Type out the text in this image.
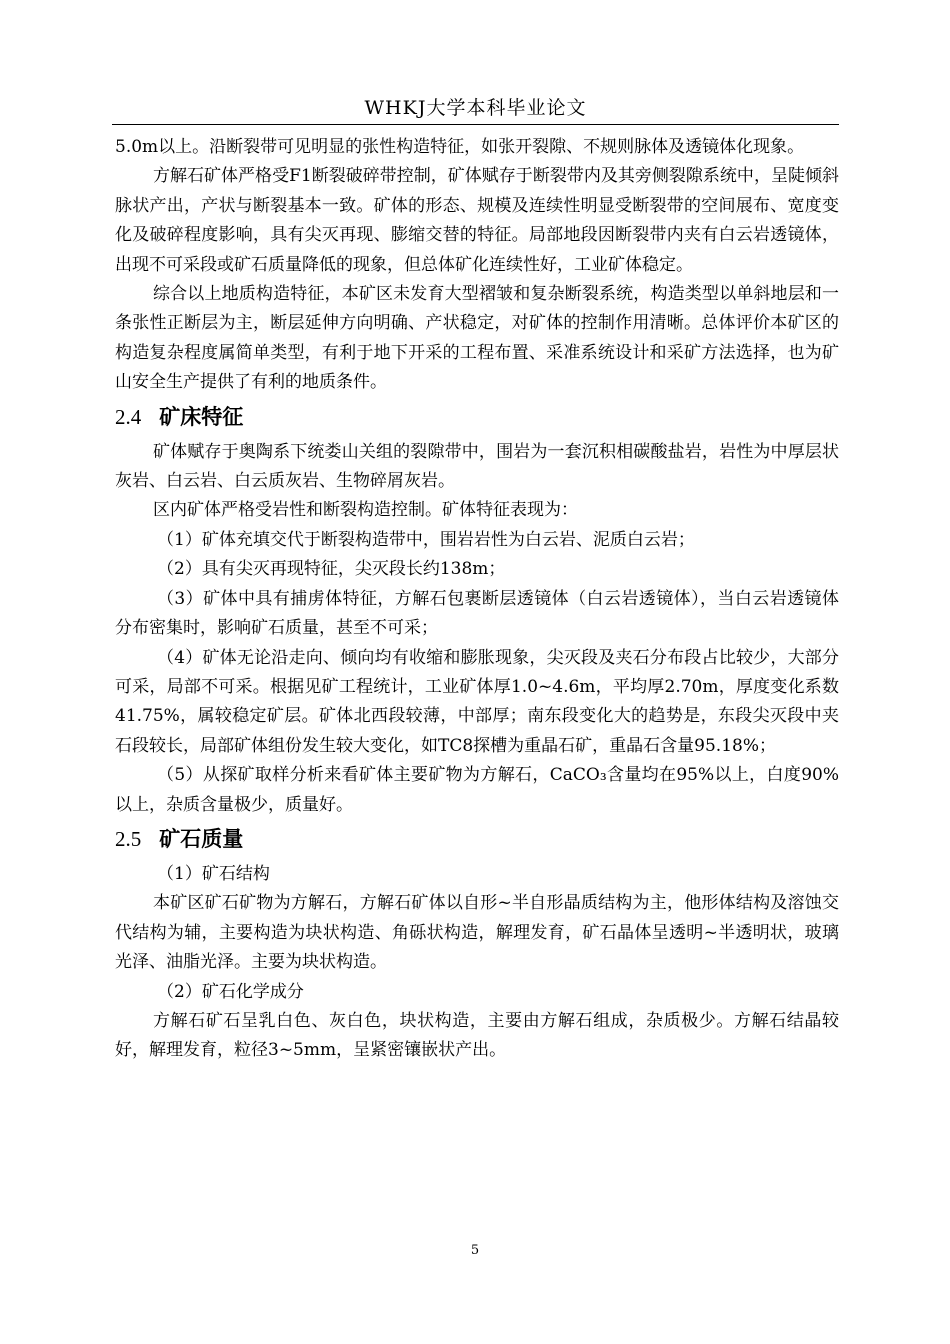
WHKJ大学本科毕业论文

5.0m以上。沿断裂带可见明显的张性构造特征，如张开裂隙、不规则脉体及透镜体化现象。

方解石矿体严格受F1断裂破碎带控制，矿体赋存于断裂带内及其旁侧裂隙系统中，呈陡倾斜脉状产出，产状与断裂基本一致。矿体的形态、规模及连续性明显受断裂带的空间展布、宽度变化及破碎程度影响，具有尖灭再现、膨缩交替的特征。局部地段因断裂带内夹有白云岩透镜体，出现不可采段或矿石质量降低的现象，但总体矿化连续性好，工业矿体稳定。

综合以上地质构造特征，本矿区未发育大型褶皱和复杂断裂系统，构造类型以单斜地层和一条张性正断层为主，断层延伸方向明确、产状稳定，对矿体的控制作用清晰。总体评价本矿区的构造复杂程度属简单类型，有利于地下开采的工程布置、采准系统设计和采矿方法选择，也为矿山安全生产提供了有利的地质条件。

2.4 矿床特征

矿体赋存于奥陶系下统娄山关组的裂隙带中，围岩为一套沉积相碳酸盐岩，岩性为中厚层状灰岩、白云岩、白云质灰岩、生物碎屑灰岩。

区内矿体严格受岩性和断裂构造控制。矿体特征表现为：

（1）矿体充填交代于断裂构造带中，围岩岩性为白云岩、泥质白云岩；

（2）具有尖灭再现特征，尖灭段长约138m；

（3）矿体中具有捕虏体特征，方解石包裹断层透镜体（白云岩透镜体），当白云岩透镜体分布密集时，影响矿石质量，甚至不可采；

（4）矿体无论沿走向、倾向均有收缩和膨胀现象，尖灭段及夹石分布段占比较少，大部分可采，局部不可采。根据见矿工程统计，工业矿体厚1.0~4.6m，平均厚2.70m，厚度变化系数41.75%，属较稳定矿层。矿体北西段较薄，中部厚；南东段变化大的趋势是，东段尖灭段中夹石段较长，局部矿体组份发生较大变化，如TC8探槽为重晶石矿，重晶石含量95.18%；

（5）从探矿取样分析来看矿体主要矿物为方解石，CaCO₃含量均在95%以上，白度90%以上，杂质含量极少，质量好。

2.5 矿石质量

（1）矿石结构

本矿区矿石矿物为方解石，方解石矿体以自形~半自形晶质结构为主，他形体结构及溶蚀交代结构为辅，主要构造为块状构造、角砾状构造，解理发育，矿石晶体呈透明~半透明状，玻璃光泽、油脂光泽。主要为块状构造。

（2）矿石化学成分

方解石矿石呈乳白色、灰白色，块状构造，主要由方解石组成，杂质极少。方解石结晶较好，解理发育，粒径3~5mm，呈紧密镶嵌状产出。

5
